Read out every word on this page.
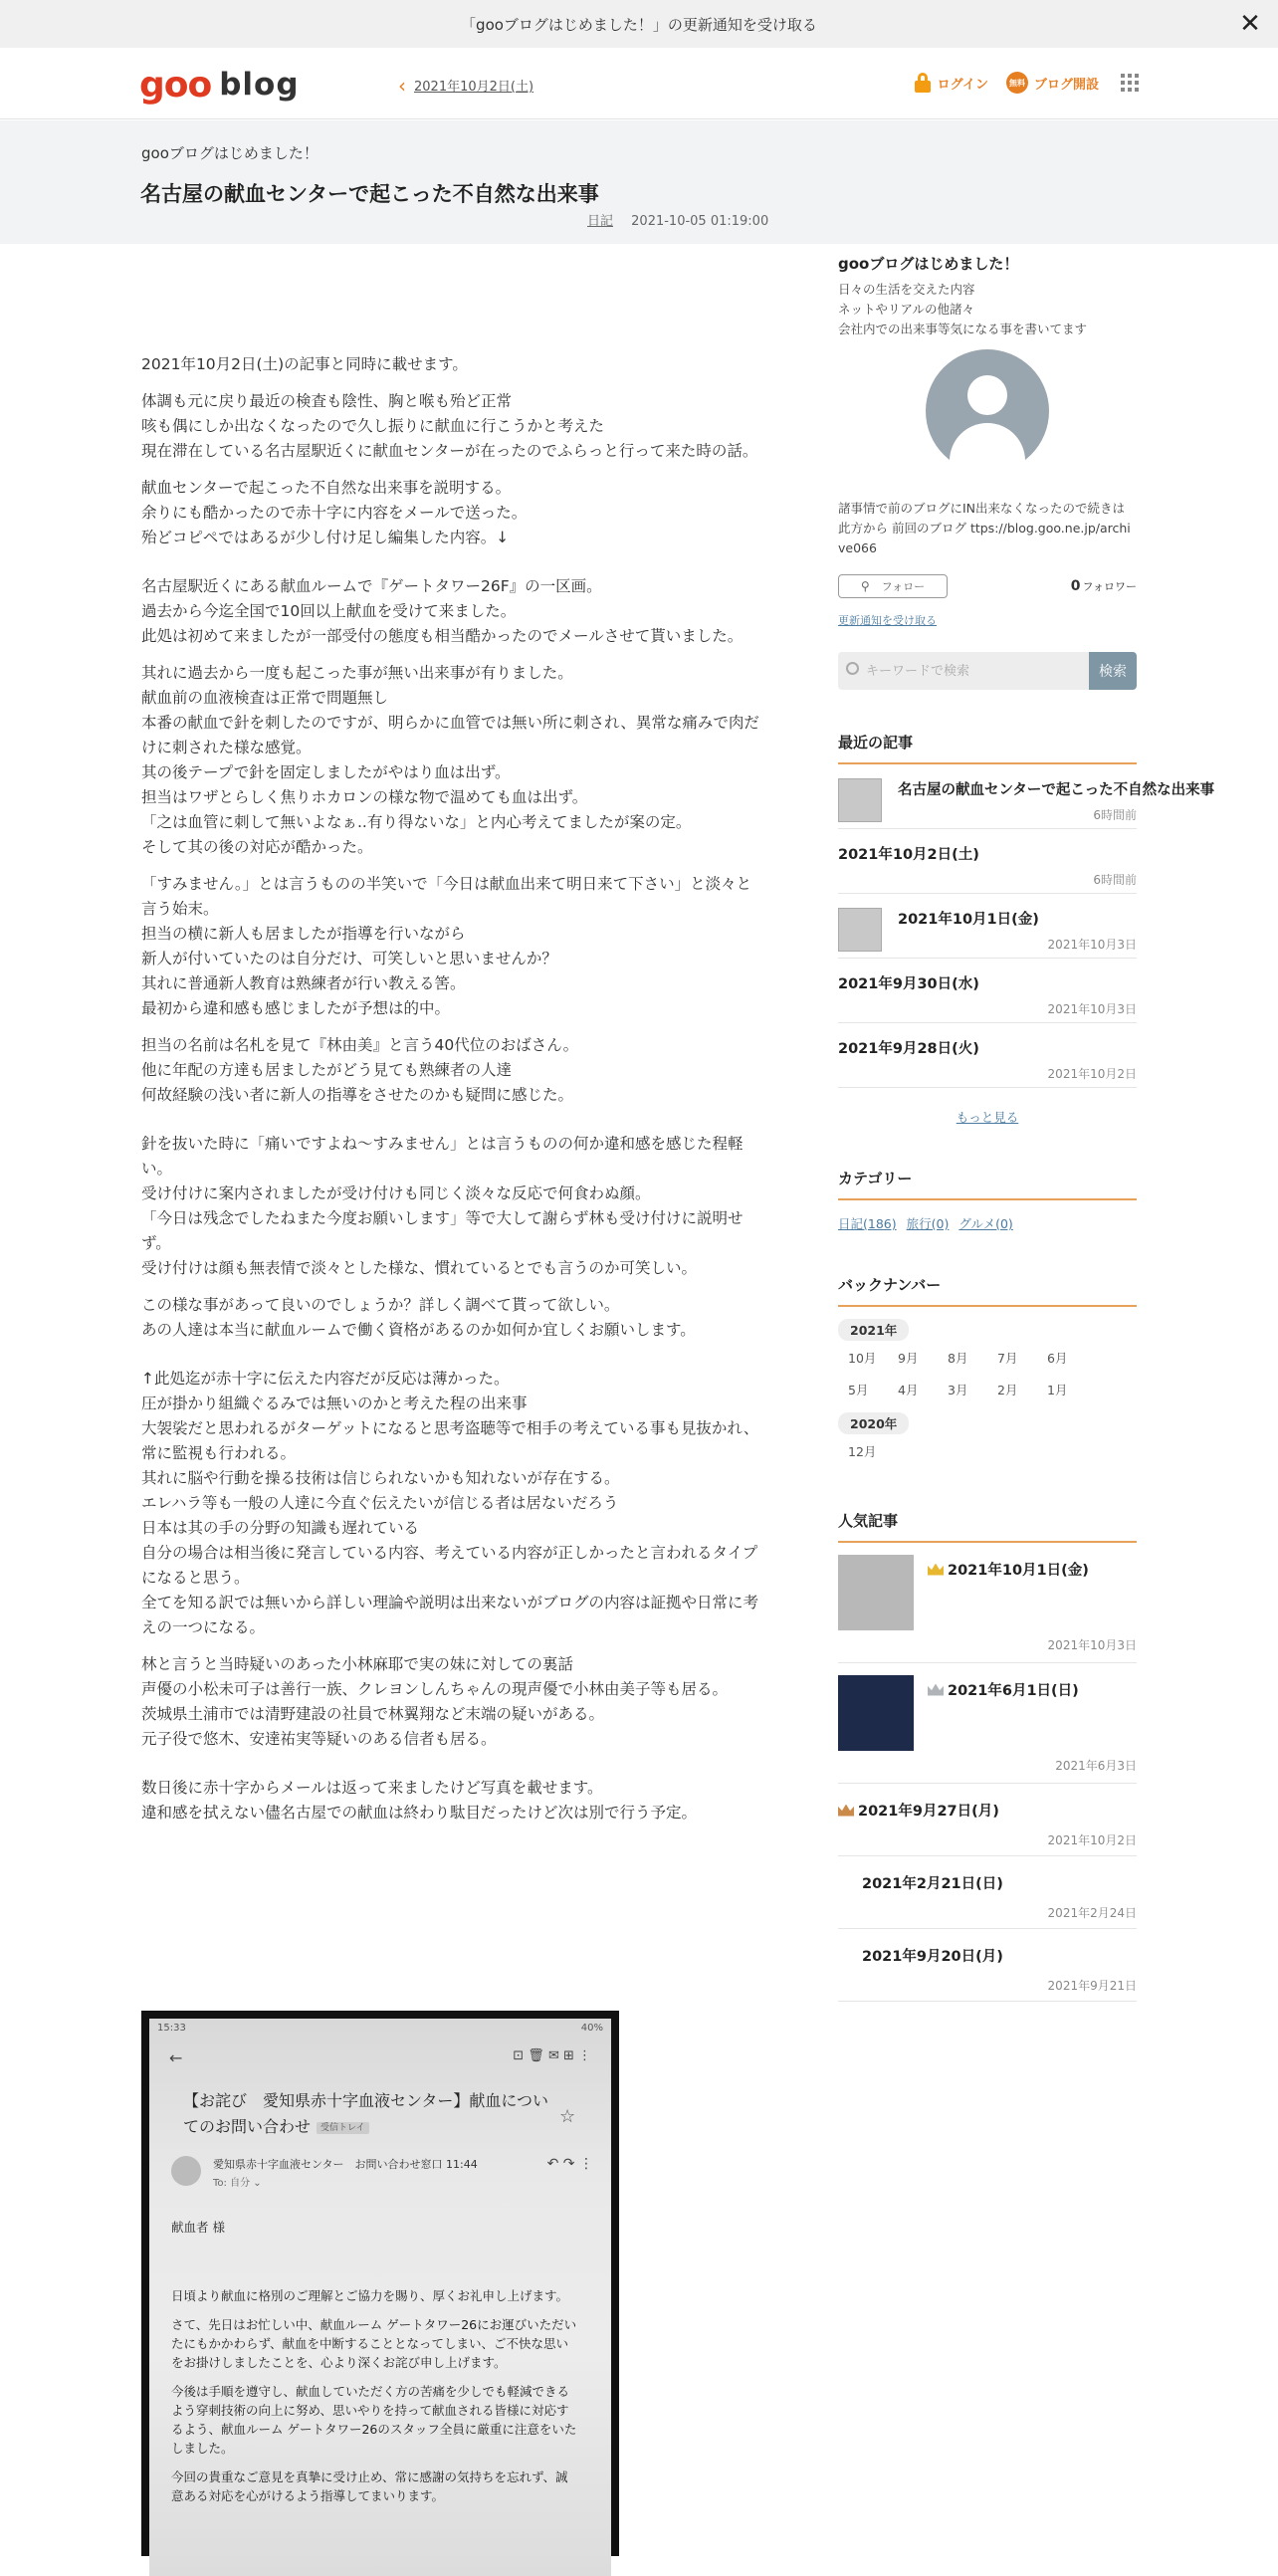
「gooブログはじめました！」の更新通知を受け取る	✕
goo blog	‹ 2021年10月2日(土)	ログイン	無料 ブログ開設
gooブログはじめました！
名古屋の献血センターで起こった不自然な出来事
日記 2021-10-05 01:19:00

2021年10月2日(土)の記事と同時に載せます。

体調も元に戻り最近の検査も陰性、胸と喉も殆ど正常
咳も偶にしか出なくなったので久し振りに献血に行こうかと考えた
現在滞在している名古屋駅近くに献血センターが在ったのでふらっと行って来た時の話。

献血センターで起こった不自然な出来事を説明する。
余りにも酷かったので赤十字に内容をメールで送った。
殆どコピペではあるが少し付け足し編集した内容。↓

名古屋駅近くにある献血ルームで『ゲートタワー26F』の一区画。
過去から今迄全国で10回以上献血を受けて来ました。
此処は初めて来ましたが一部受付の態度も相当酷かったのでメールさせて貰いました。

其れに過去から一度も起こった事が無い出来事が有りました。
献血前の血液検査は正常で問題無し
本番の献血で針を刺したのですが、明らかに血管では無い所に刺され、異常な痛みで肉だけに刺された様な感覚。
其の後テープで針を固定しましたがやはり血は出ず。
担当はワザとらしく焦りホカロンの様な物で温めても血は出ず。
「之は血管に刺して無いよなぁ..有り得ないな」と内心考えてましたが案の定。
そして其の後の対応が酷かった。

「すみません。」とは言うものの半笑いで「今日は献血出来て明日来て下さい」と淡々と言う始末。
担当の横に新人も居ましたが指導を行いながら
新人が付いていたのは自分だけ、可笑しいと思いませんか？
其れに普通新人教育は熟練者が行い教える筈。
最初から違和感も感じましたが予想は的中。

担当の名前は名札を見て『林由美』と言う40代位のおばさん。
他に年配の方達も居ましたがどう見ても熟練者の人達
何故経験の浅い者に新人の指導をさせたのかも疑問に感じた。

針を抜いた時に「痛いですよね～すみません」とは言うものの何か違和感を感じた程軽い。
受け付けに案内されましたが受け付けも同じく淡々な反応で何食わぬ顔。
「今日は残念でしたねまた今度お願いします」等で大して謝らず林も受け付けに説明せず。
受け付けは顔も無表情で淡々とした様な、慣れているとでも言うのか可笑しい。

この様な事があって良いのでしょうか？詳しく調べて貰って欲しい。
あの人達は本当に献血ルームで働く資格があるのか如何か宜しくお願いします。

↑此処迄が赤十字に伝えた内容だが反応は薄かった。
圧が掛かり組織ぐるみでは無いのかと考えた程の出来事
大袈裟だと思われるがターゲットになると思考盗聴等で相手の考えている事も見抜かれ、常に監視も行われる。
其れに脳や行動を操る技術は信じられないかも知れないが存在する。
エレハラ等も一般の人達に今直ぐ伝えたいが信じる者は居ないだろう
日本は其の手の分野の知識も遅れている
自分の場合は相当後に発言している内容、考えている内容が正しかったと言われるタイプになると思う。
全てを知る訳では無いから詳しい理論や説明は出来ないがブログの内容は証拠や日常に考えの一つになる。

林と言うと当時疑いのあった小林麻耶で実の妹に対しての裏話
声優の小松未可子は善行一族、クレヨンしんちゃんの現声優で小林由美子等も居る。
茨城県土浦市では清野建設の社員で林翼翔など末端の疑いがある。
元子役で悠木、安達祐実等疑いのある信者も居る。

数日後に赤十字からメールは返って来ましたけど写真を載せます。
違和感を拭えない儘名古屋での献血は終わり駄目だったけど次は別で行う予定。

15:33	40%
←	⊡ 🗑 ✉ ⊞ ⋮
【お詫び　愛知県赤十字血液センター】献血についてのお問い合わせ 受信トレイ
☆
愛知県赤十字血液センター　お問い合わせ窓口 11:44
To: 自分 ⌄
↶ ↷ ⋮

献血者 様

日頃より献血に格別のご理解とご協力を賜り、厚くお礼申し上げます。

さて、先日はお忙しい中、献血ルーム ゲートタワー26にお運びいただいたにもかかわらず、献血を中断することとなってしまい、ご不快な思いをお掛けしましたことを、心より深くお詫び申し上げます。

今後は手順を遵守し、献血していただく方の苦痛を少しでも軽減できるよう穿刺技術の向上に努め、思いやりを持って献血される皆様に対応するよう、献血ルーム ゲートタワー26のスタッフ全員に厳重に注意をいたしました。

今回の貴重なご意見を真摯に受け止め、常に感謝の気持ちを忘れず、誠意ある対応を心がけるよう指導してまいります。

gooブログはじめました！
日々の生活を交えた内容
ネットやリアルの他諸々
会社内での出来事等気になる事を書いてます
諸事情で前のブログにIN出来なくなったので続きは此方から 前回のブログ ttps://blog.goo.ne.jp/archive066
⚲ フォロー	0 フォロワー
更新通知を受け取る
キーワードで検索
検索
最近の記事
名古屋の献血センターで起こった不自然な出来事
6時間前
2021年10月2日(土)
6時間前
2021年10月1日(金)
2021年10月3日
2021年9月30日(水)
2021年10月3日
2021年9月28日(火)
2021年10月2日
もっと見る
カテゴリー
日記(186) 旅行(0) グルメ(0)
バックナンバー
2021年
10月	9月	8月	7月	6月
5月	4月	3月	2月	1月
2020年
12月
人気記事
2021年10月1日(金)
2021年10月3日
2021年6月1日(日)
2021年6月3日
2021年9月27日(月)
2021年10月2日
2021年2月21日(日)
2021年2月24日
2021年9月20日(月)
2021年9月21日
